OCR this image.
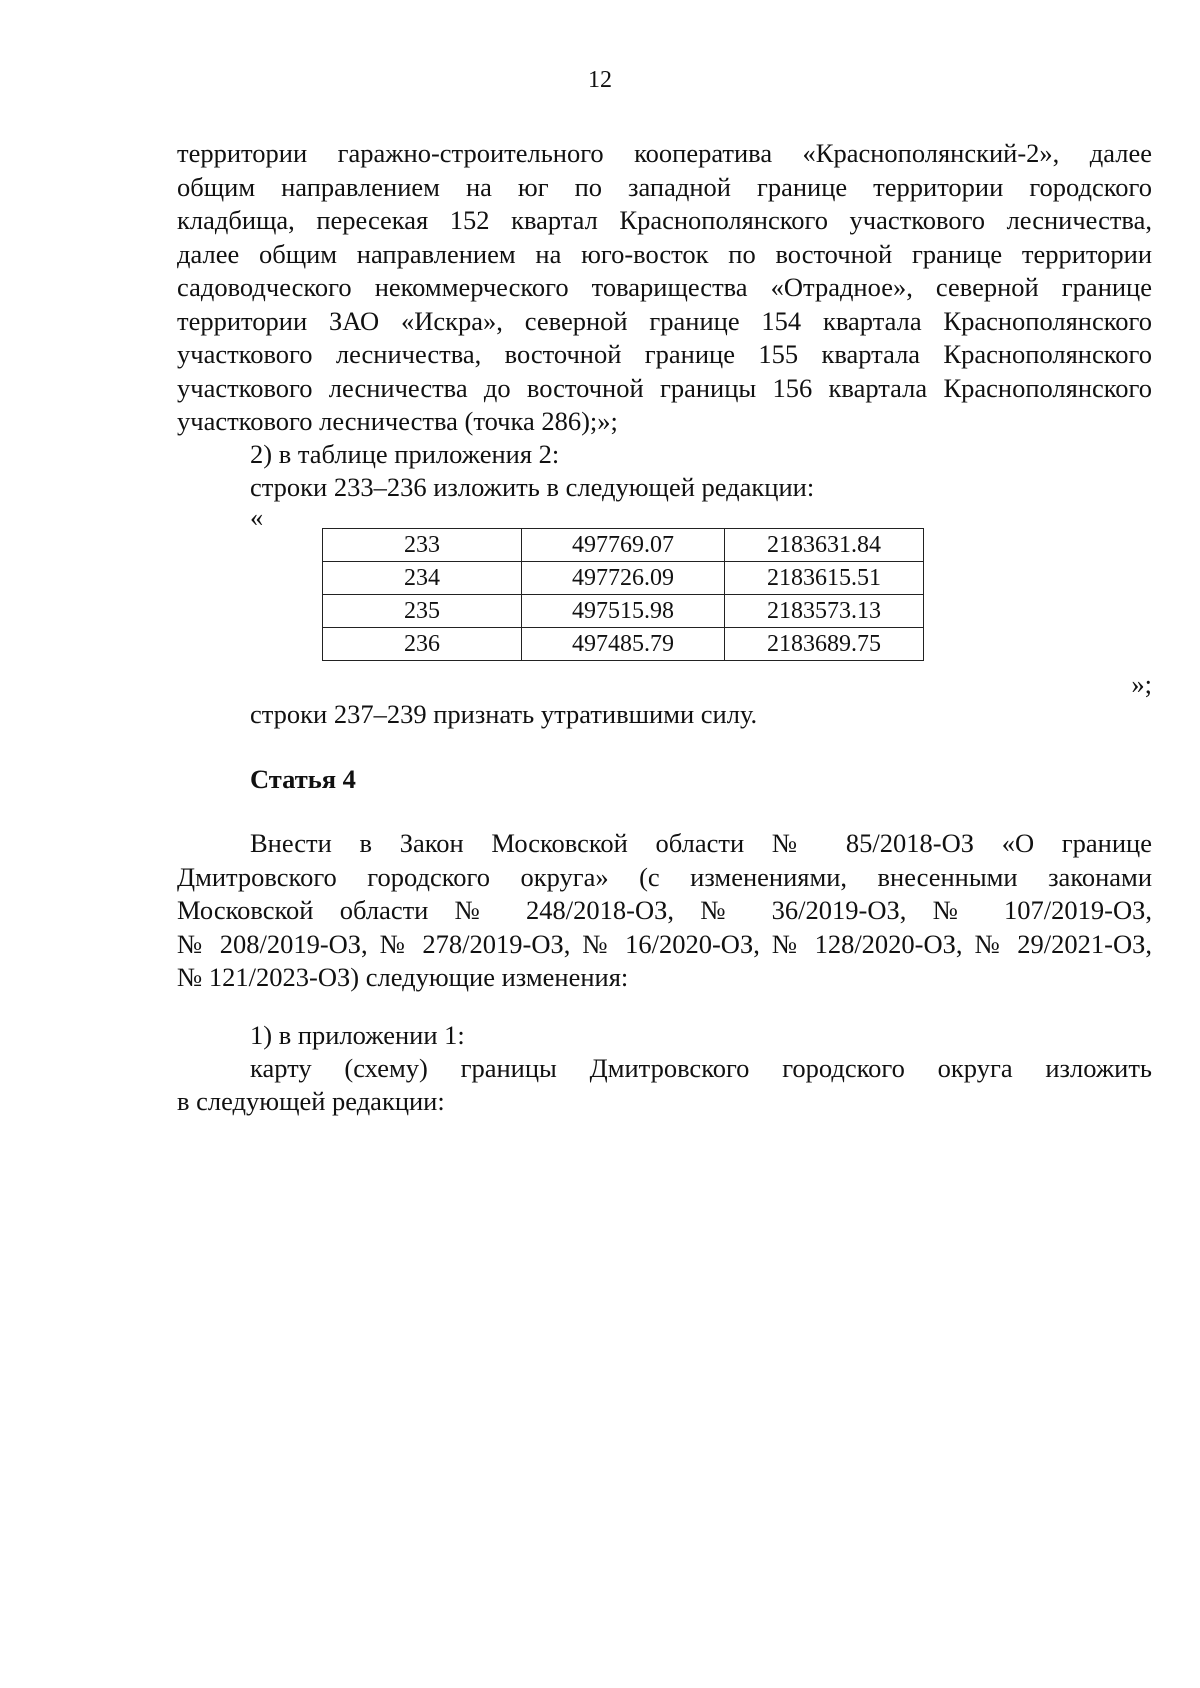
12
территории гаражно-строительного кооператива «Краснополянский-2», далее
общим направлением на юг по западной границе территории городского
кладбища, пересекая 152 квартал Краснополянского участкового лесничества,
далее общим направлением на юго-восток по восточной границе территории
садоводческого некоммерческого товарищества «Отрадное», северной границе
территории ЗАО «Искра», северной границе 154 квартала Краснополянского
участкового лесничества, восточной границе 155 квартала Краснополянского
участкового лесничества до восточной границы 156 квартала Краснополянского
участкового лесничества (точка 286);»;
2) в таблице приложения 2:
строки 233–236 изложить в следующей редакции:
«
233	497769.07	2183631.84
234	497726.09	2183615.51
235	497515.98	2183573.13
236	497485.79	2183689.75
»;
строки 237–239 признать утратившими силу.
Статья 4
Внести в Закон Московской области № 85/2018-ОЗ «О границе
Дмитровского городского округа» (с изменениями, внесенными законами
Московской области № 248/2018-ОЗ, № 36/2019-ОЗ, № 107/2019-ОЗ,
№ 208/2019-ОЗ, № 278/2019-ОЗ, № 16/2020-ОЗ, № 128/2020-ОЗ, № 29/2021-ОЗ,
№ 121/2023-ОЗ) следующие изменения:
1) в приложении 1:
карту (схему) границы Дмитровского городского округа изложить
в следующей редакции:
